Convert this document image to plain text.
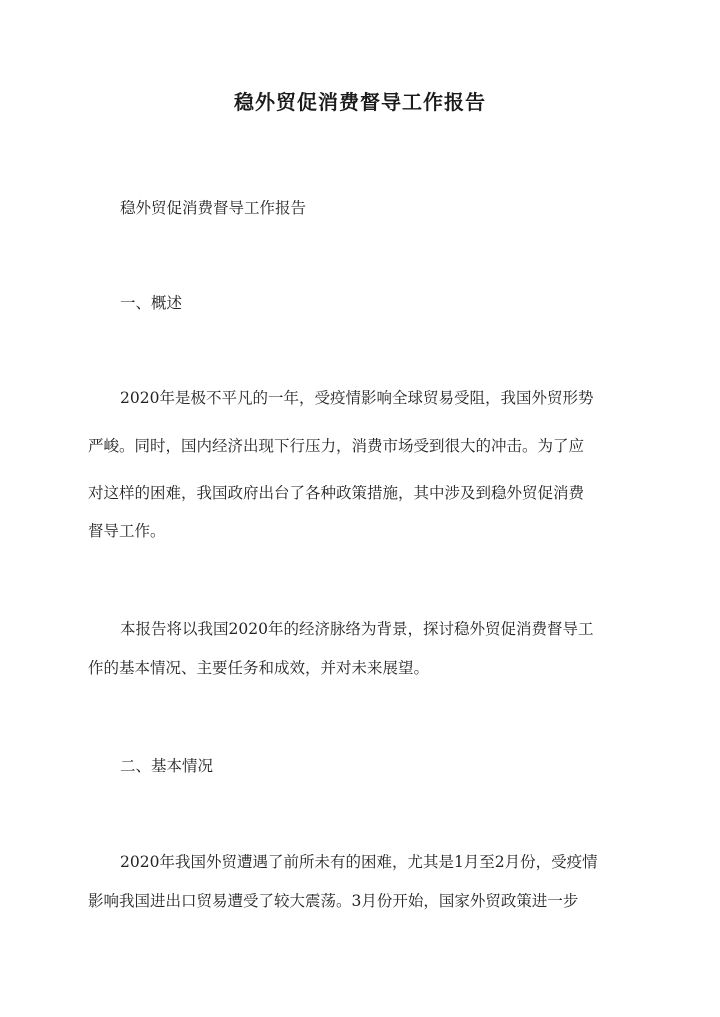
稳外贸促消费督导工作报告
稳外贸促消费督导工作报告
一、概述
2020年是极不平凡的一年，受疫情影响全球贸易受阻，我国外贸形势
严峻。同时，国内经济出现下行压力，消费市场受到很大的冲击。为了应
对这样的困难，我国政府出台了各种政策措施，其中涉及到稳外贸促消费
督导工作。
本报告将以我国2020年的经济脉络为背景，探讨稳外贸促消费督导工
作的基本情况、主要任务和成效，并对未来展望。
二、基本情况
2020年我国外贸遭遇了前所未有的困难，尤其是1月至2月份，受疫情
影响我国进出口贸易遭受了较大震荡。3月份开始，国家外贸政策进一步
